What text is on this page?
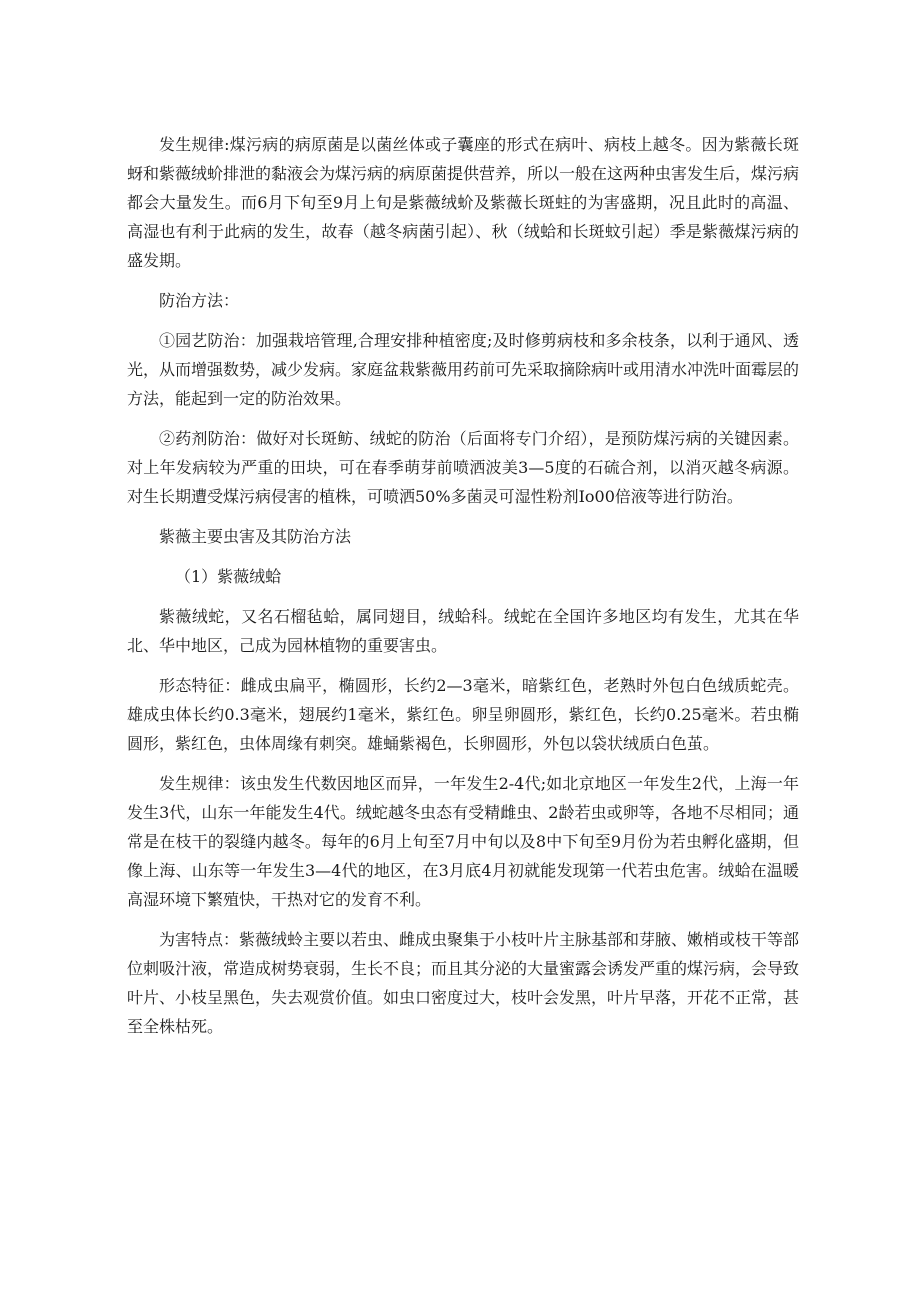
发生规律:煤污病的病原菌是以菌丝体或子囊座的形式在病叶、病枝上越冬。因为紫薇长斑蚜和紫薇绒蚧排泄的黏液会为煤污病的病原菌提供营养，所以一般在这两种虫害发生后，煤污病都会大量发生。而6月下旬至9月上旬是紫薇绒蚧及紫薇长斑蛀的为害盛期，况且此时的高温、高湿也有利于此病的发生，故春（越冬病菌引起）、秋（绒蛤和长斑蚊引起）季是紫薇煤污病的盛发期。

防治方法：

①园艺防治：加强栽培管理,合理安排种植密度;及时修剪病枝和多余枝条，以利于通风、透光，从而增强数势，减少发病。家庭盆栽紫薇用药前可先采取摘除病叶或用清水冲洗叶面霉层的方法，能起到一定的防治效果。

②药剂防治：做好对长斑鲂、绒蛇的防治（后面将专门介绍），是预防煤污病的关键因素。对上年发病较为严重的田块，可在春季萌芽前喷洒波美3—5度的石硫合剂，以消灭越冬病源。对生长期遭受煤污病侵害的植株，可喷洒50%多菌灵可湿性粉剂Io00倍液等进行防治。

紫薇主要虫害及其防治方法

（1）紫薇绒蛤

紫薇绒蛇，又名石榴毡蛤，属同翅目，绒蛤科。绒蛇在全国许多地区均有发生，尤其在华北、华中地区，己成为园林植物的重要害虫。

形态特征：雌成虫扁平，椭圆形，长约2—3毫米，暗紫红色，老熟时外包白色绒质蛇壳。雄成虫体长约0.3毫米，翅展约1毫米，紫红色。卵呈卵圆形，紫红色，长约0.25毫米。若虫椭圆形，紫红色，虫体周缘有刺突。雄蛹紫褐色，长卵圆形，外包以袋状绒质白色茧。

发生规律：该虫发生代数因地区而异，一年发生2-4代;如北京地区一年发生2代，上海一年发生3代，山东一年能发生4代。绒蛇越冬虫态有受精雌虫、2龄若虫或卵等，各地不尽相同；通常是在枝干的裂缝内越冬。每年的6月上旬至7月中旬以及8中下旬至9月份为若虫孵化盛期，但像上海、山东等一年发生3—4代的地区，在3月底4月初就能发现第一代若虫危害。绒蛤在温暖高湿环境下繁殖快，干热对它的发育不利。

为害特点：紫薇绒蛉主要以若虫、雌成虫聚集于小枝叶片主脉基部和芽腋、嫩梢或枝干等部位刺吸汁液，常造成树势衰弱，生长不良；而且其分泌的大量蜜露会诱发严重的煤污病，会导致叶片、小枝呈黑色，失去观赏价值。如虫口密度过大，枝叶会发黑，叶片早落，开花不正常，甚至全株枯死。
